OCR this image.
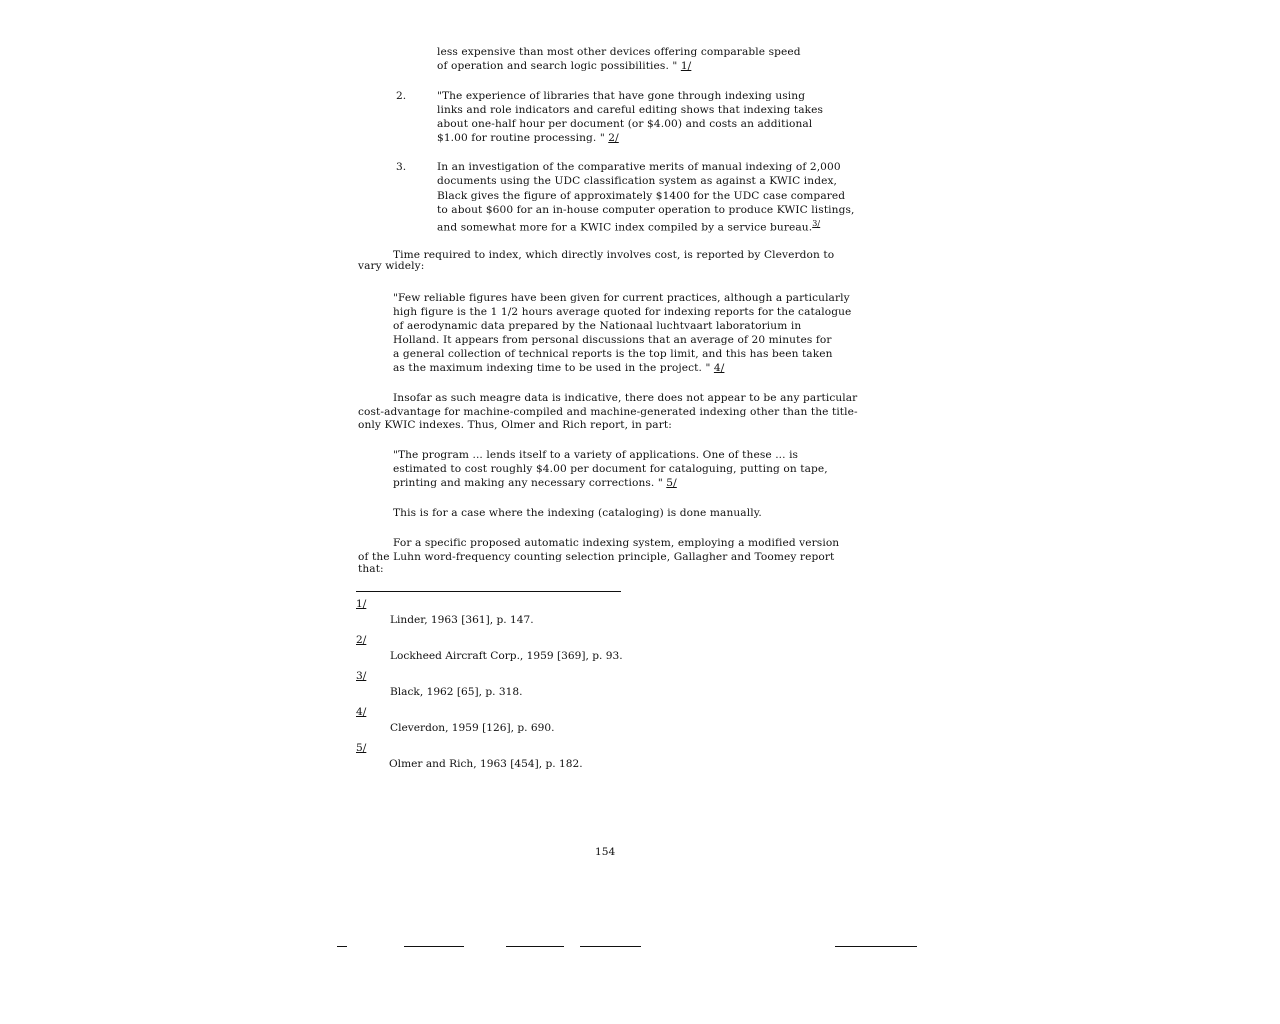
less expensive than most other devices offering comparable speed
of operation and search logic possibilities. " 1/
2.	"The experience of libraries that have gone through indexing using
links and role indicators and careful editing shows that indexing takes
about one-half hour per document (or $4.00) and costs an additional
$1.00 for routine processing. " 2/
3.	In an investigation of the comparative merits of manual indexing of 2,000
documents using the UDC classification system as against a KWIC index,
Black gives the figure of approximately $1400 for the UDC case compared
to about $600 for an in-house computer operation to produce KWIC listings,
and somewhat more for a KWIC index compiled by a service bureau.$^{3/}$
Time required to index, which directly involves cost, is reported by Cleverdon to
vary widely:
"Few reliable figures have been given for current practices, although a particularly
high figure is the 1 1/2 hours average quoted for indexing reports for the catalogue
of aerodynamic data prepared by the Nationaal luchtvaart laboratorium in
Holland. It appears from personal discussions that an average of 20 minutes for
a general collection of technical reports is the top limit, and this has been taken
as the maximum indexing time to be used in the project. " 4/
Insofar as such meagre data is indicative, there does not appear to be any particular
cost-advantage for machine-compiled and machine-generated indexing other than the title-
only KWIC indexes. Thus, Olmer and Rich report, in part:
"The program ... lends itself to a variety of applications. One of these ... is
estimated to cost roughly $4.00 per document for cataloguing, putting on tape,
printing and making any necessary corrections. " 5/
This is for a case where the indexing (cataloging) is done manually.
For a specific proposed automatic indexing system, employing a modified version
of the Luhn word-frequency counting selection principle, Gallagher and Toomey report
that:
1/
Linder, 1963 [361], p. 147.
2/
Lockheed Aircraft Corp., 1959 [369], p. 93.
3/
Black, 1962 [65], p. 318.
4/
Cleverdon, 1959 [126], p. 690.
5/
Olmer and Rich, 1963 [454], p. 182.
154
